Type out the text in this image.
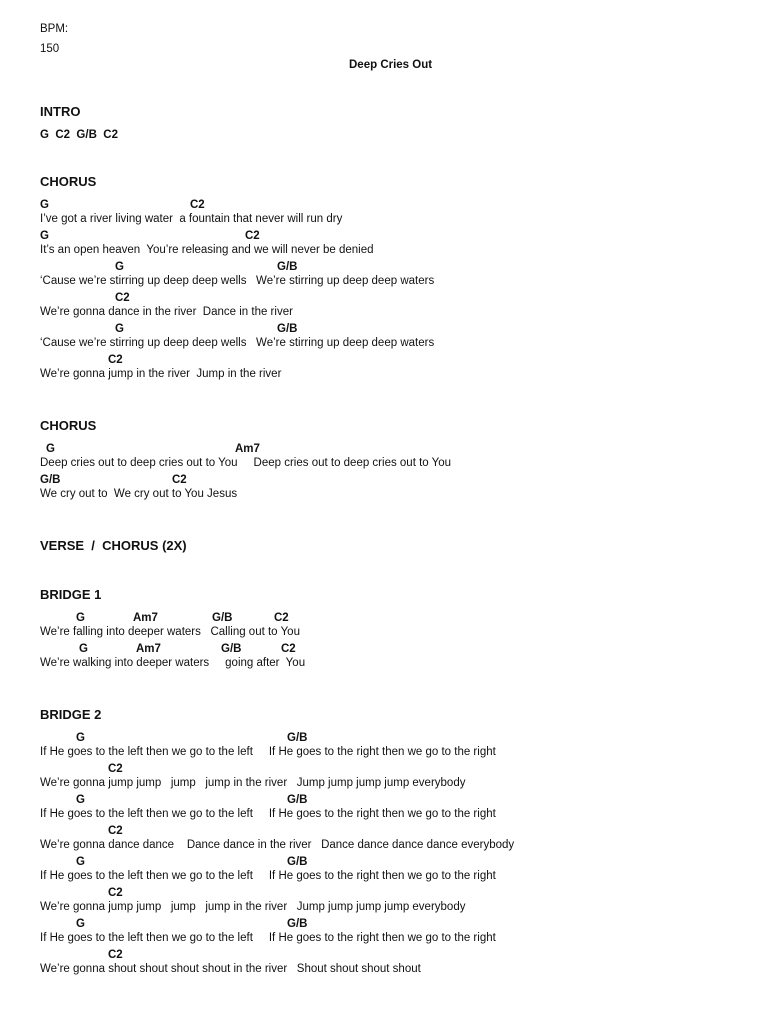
BPM:
150
Deep Cries Out
INTRO
G  C2  G/B  C2
CHORUS
G	C2
I’ve got a river living water  a fountain that never will run dry
G	C2
It’s an open heaven  You’re releasing and we will never be denied
G	G/B
‘Cause we’re stirring up deep deep wells   We’re stirring up deep deep waters
C2
We’re gonna dance in the river  Dance in the river
G	G/B
‘Cause we’re stirring up deep deep wells   We’re stirring up deep deep waters
C2
We’re gonna jump in the river  Jump in the river
CHORUS
G	Am7
Deep cries out to deep cries out to You     Deep cries out to deep cries out to You
G/B	C2
We cry out to  We cry out to You Jesus
VERSE  /  CHORUS (2X)
BRIDGE 1
G	Am7	G/B	C2
We’re falling into deeper waters   Calling out to You
G	Am7	G/B	C2
We’re walking into deeper waters     going after  You
BRIDGE 2
G	G/B
If He goes to the left then we go to the left     If He goes to the right then we go to the right
C2
We’re gonna jump jump   jump   jump in the river   Jump jump jump jump everybody
G	G/B
If He goes to the left then we go to the left     If He goes to the right then we go to the right
C2
We’re gonna dance dance    Dance dance in the river   Dance dance dance dance everybody
G	G/B
If He goes to the left then we go to the left     If He goes to the right then we go to the right
C2
We’re gonna jump jump   jump   jump in the river   Jump jump jump jump everybody
G	G/B
If He goes to the left then we go to the left     If He goes to the right then we go to the right
C2
We’re gonna shout shout shout shout in the river   Shout shout shout shout
